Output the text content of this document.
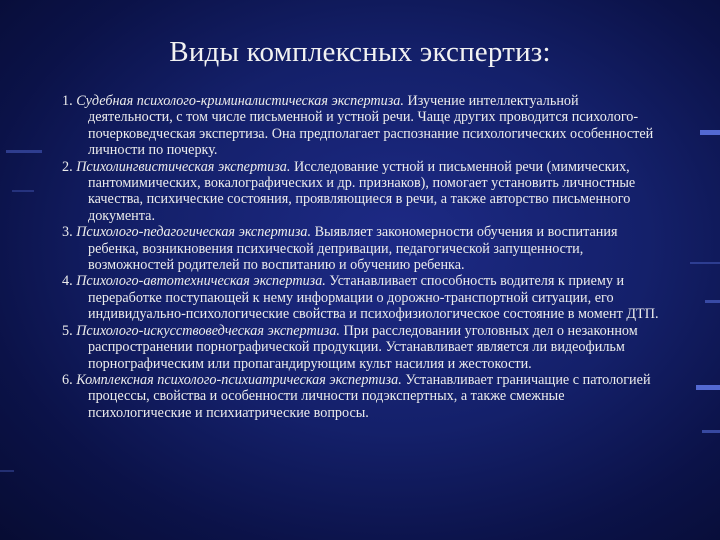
Виды комплексных экспертиз:

1. Судебная психолого-криминалистическая экспертиза. Изучение интеллектуальной деятельности, с том числе письменной и устной речи. Чаще других проводится психолого-почерковедческая экспертиза. Она предполагает распознание психологических особенностей личности по почерку.

2. Психолингвистическая экспертиза. Исследование устной и письменной речи (мимических, пантомимических, вокалографических и др. признаков), помогает установить личностные качества, психические состояния, проявляющиеся в речи, а также авторство письменного документа.

3. Психолого-педагогическая экспертиза. Выявляет закономерности обучения и воспитания ребенка, возникновения психической депривации, педагогической запущенности, возможностей родителей по воспитанию и обучению ребенка.

4. Психолого-автотехническая экспертиза. Устанавливает способность водителя к приему и переработке поступающей к нему информации о дорожно-транспортной ситуации, его индивидуально-психологические свойства и психофизиологическое состояние в момент ДТП.

5. Психолого-искусствоведческая экспертиза. При расследовании уголовных дел о незаконном распространении порнографической продукции. Устанавливает является ли видеофильм порнографическим или пропагандирующим культ насилия и жестокости.

6. Комплексная психолого-психиатрическая экспертиза. Устанавливает граничащие с патологией процессы, свойства и особенности личности подэкспертных, а также смежные психологические и психиатрические вопросы.
